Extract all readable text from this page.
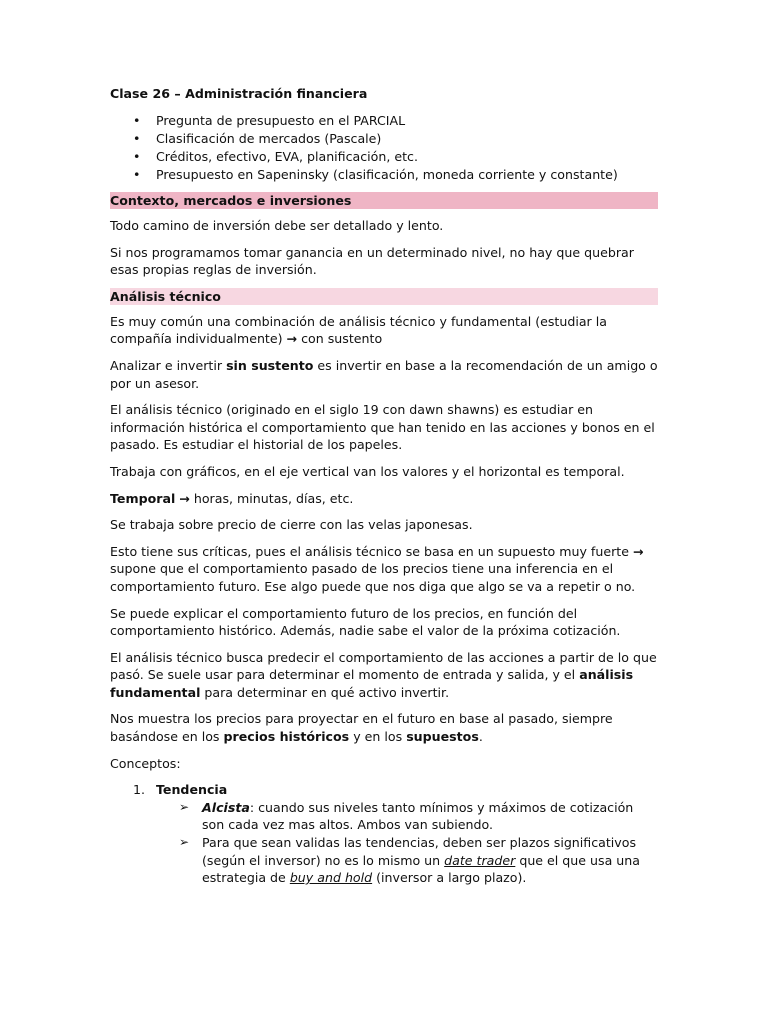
Clase 26 – Administración financiera
• Pregunta de presupuesto en el PARCIAL
• Clasificación de mercados (Pascale)
• Créditos, efectivo, EVA, planificación, etc.
• Presupuesto en Sapeninsky (clasificación, moneda corriente y constante)
Contexto, mercados e inversiones

Todo camino de inversión debe ser detallado y lento.

Si nos programamos tomar ganancia en un determinado nivel, no hay que quebrar esas propias reglas de inversión.

Análisis técnico

Es muy común una combinación de análisis técnico y fundamental (estudiar la compañía individualmente) → con sustento

Analizar e invertir sin sustento es invertir en base a la recomendación de un amigo o por un asesor.

El análisis técnico (originado en el siglo 19 con dawn shawns) es estudiar en información histórica el comportamiento que han tenido en las acciones y bonos en el pasado. Es estudiar el historial de los papeles.

Trabaja con gráficos, en el eje vertical van los valores y el horizontal es temporal.

Temporal → horas, minutas, días, etc.

Se trabaja sobre precio de cierre con las velas japonesas.

Esto tiene sus críticas, pues el análisis técnico se basa en un supuesto muy fuerte → supone que el comportamiento pasado de los precios tiene una inferencia en el comportamiento futuro. Ese algo puede que nos diga que algo se va a repetir o no.

Se puede explicar el comportamiento futuro de los precios, en función del comportamiento histórico. Además, nadie sabe el valor de la próxima cotización.

El análisis técnico busca predecir el comportamiento de las acciones a partir de lo que pasó. Se suele usar para determinar el momento de entrada y salida, y el análisis fundamental para determinar en qué activo invertir.

Nos muestra los precios para proyectar en el futuro en base al pasado, siempre basándose en los precios históricos y en los supuestos.

Conceptos:

1. Tendencia
➢ Alcista: cuando sus niveles tanto mínimos y máximos de cotización son cada vez mas altos. Ambos van subiendo.
➢ Para que sean validas las tendencias, deben ser plazos significativos (según el inversor) no es lo mismo un date trader que el que usa una estrategia de buy and hold (inversor a largo plazo).
